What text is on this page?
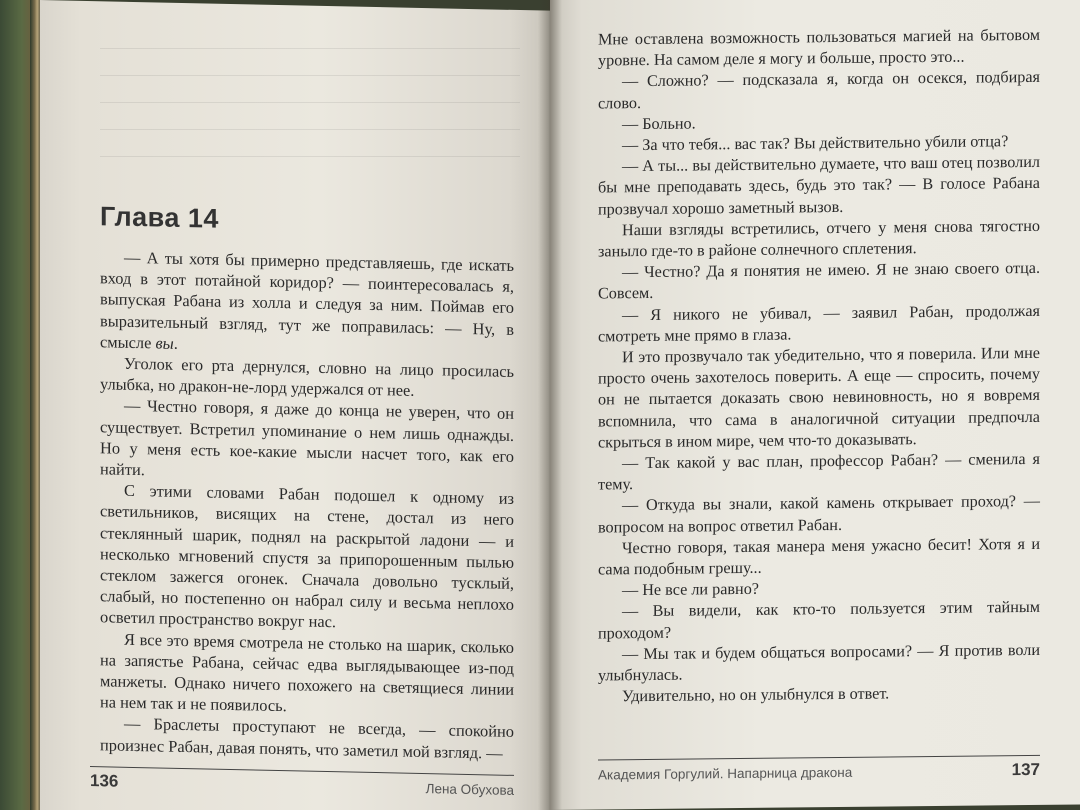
Глава 14

— А ты хотя бы примерно представляешь, где искать вход в этот потайной коридор? — поинтересовалась я, выпуская Рабана из холла и следуя за ним. Поймав его выразительный взгляд, тут же поправилась: — Ну, в смысле вы.

Уголок его рта дернулся, словно на лицо просилась улыбка, но дракон-не-лорд удержался от нее.

— Честно говоря, я даже до конца не уверен, что он существует. Встретил упоминание о нем лишь однажды. Но у меня есть кое-какие мысли насчет того, как его найти.

С этими словами Рабан подошел к одному из светильников, висящих на стене, достал из него стеклянный шарик, поднял на раскрытой ладони — и несколько мгновений спустя за припорошенным пылью стеклом зажегся огонек. Сначала довольно тусклый, слабый, но постепенно он набрал силу и весьма неплохо осветил пространство вокруг нас.

Я все это время смотрела не столько на шарик, сколько на запястье Рабана, сейчас едва выглядывающее из-под манжеты. Однако ничего похожего на светящиеся линии на нем так и не появилось.

— Браслеты проступают не всегда, — спокойно произнес Рабан, давая понять, что заметил мой взгляд. —

136	Лена Обухова

Мне оставлена возможность пользоваться магией на бытовом уровне. На самом деле я могу и больше, просто это...

— Сложно? — подсказала я, когда он осекся, подбирая слово.

— Больно.

— За что тебя... вас так? Вы действительно убили отца?

— А ты... вы действительно думаете, что ваш отец позволил бы мне преподавать здесь, будь это так? — В голосе Рабана прозвучал хорошо заметный вызов.

Наши взгляды встретились, отчего у меня снова тягостно заныло где-то в районе солнечного сплетения.

— Честно? Да я понятия не имею. Я не знаю своего отца. Совсем.

— Я никого не убивал, — заявил Рабан, продолжая смотреть мне прямо в глаза.

И это прозвучало так убедительно, что я поверила. Или мне просто очень захотелось поверить. А еще — спросить, почему он не пытается доказать свою невиновность, но я вовремя вспомнила, что сама в аналогичной ситуации предпочла скрыться в ином мире, чем что-то доказывать.

— Так какой у вас план, профессор Рабан? — сменила я тему.

— Откуда вы знали, какой камень открывает проход? — вопросом на вопрос ответил Рабан.

Честно говоря, такая манера меня ужасно бесит! Хотя я и сама подобным грешу...

— Не все ли равно?

— Вы видели, как кто-то пользуется этим тайным проходом?

— Мы так и будем общаться вопросами? — Я против воли улыбнулась.

Удивительно, но он улыбнулся в ответ.

Академия Горгулий. Напарница дракона	137
